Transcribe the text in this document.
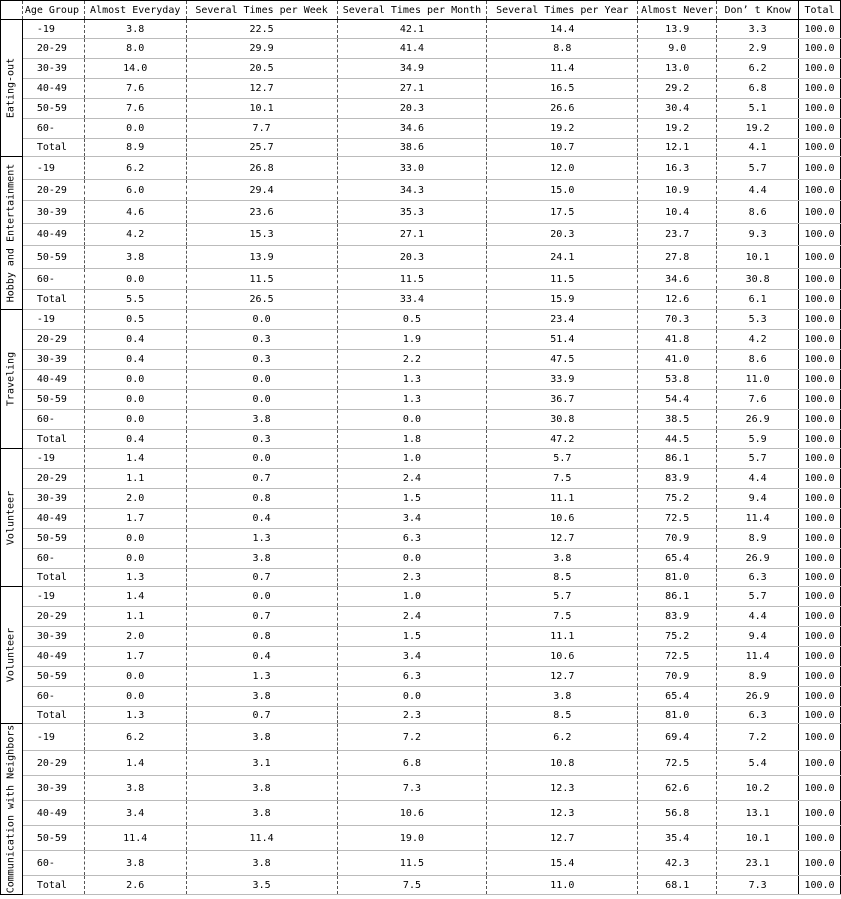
	Age Group	Almost Everyday	Several Times per Week	Several Times per Month	Several Times per Year	Almost Never	Don’ t Know	Total

Eating-out	-19	3.8	22.5	42.1	14.4	13.9	3.3	100.0
	20-29	8.0	29.9	41.4	8.8	9.0	2.9	100.0
	30-39	14.0	20.5	34.9	11.4	13.0	6.2	100.0
	40-49	7.6	12.7	27.1	16.5	29.2	6.8	100.0
	50-59	7.6	10.1	20.3	26.6	30.4	5.1	100.0
	60-	0.0	7.7	34.6	19.2	19.2	19.2	100.0
	Total	8.9	25.7	38.6	10.7	12.1	4.1	100.0

Hobby and Entertainment	-19	6.2	26.8	33.0	12.0	16.3	5.7	100.0
	20-29	6.0	29.4	34.3	15.0	10.9	4.4	100.0
	30-39	4.6	23.6	35.3	17.5	10.4	8.6	100.0
	40-49	4.2	15.3	27.1	20.3	23.7	9.3	100.0
	50-59	3.8	13.9	20.3	24.1	27.8	10.1	100.0
	60-	0.0	11.5	11.5	11.5	34.6	30.8	100.0
	Total	5.5	26.5	33.4	15.9	12.6	6.1	100.0

Traveling	-19	0.5	0.0	0.5	23.4	70.3	5.3	100.0
	20-29	0.4	0.3	1.9	51.4	41.8	4.2	100.0
	30-39	0.4	0.3	2.2	47.5	41.0	8.6	100.0
	40-49	0.0	0.0	1.3	33.9	53.8	11.0	100.0
	50-59	0.0	0.0	1.3	36.7	54.4	7.6	100.0
	60-	0.0	3.8	0.0	30.8	38.5	26.9	100.0
	Total	0.4	0.3	1.8	47.2	44.5	5.9	100.0

Volunteer	-19	1.4	0.0	1.0	5.7	86.1	5.7	100.0
	20-29	1.1	0.7	2.4	7.5	83.9	4.4	100.0
	30-39	2.0	0.8	1.5	11.1	75.2	9.4	100.0
	40-49	1.7	0.4	3.4	10.6	72.5	11.4	100.0
	50-59	0.0	1.3	6.3	12.7	70.9	8.9	100.0
	60-	0.0	3.8	0.0	3.8	65.4	26.9	100.0
	Total	1.3	0.7	2.3	8.5	81.0	6.3	100.0

Volunteer	-19	1.4	0.0	1.0	5.7	86.1	5.7	100.0
	20-29	1.1	0.7	2.4	7.5	83.9	4.4	100.0
	30-39	2.0	0.8	1.5	11.1	75.2	9.4	100.0
	40-49	1.7	0.4	3.4	10.6	72.5	11.4	100.0
	50-59	0.0	1.3	6.3	12.7	70.9	8.9	100.0
	60-	0.0	3.8	0.0	3.8	65.4	26.9	100.0
	Total	1.3	0.7	2.3	8.5	81.0	6.3	100.0

Communication with Neighbors	-19	6.2	3.8	7.2	6.2	69.4	7.2	100.0
	20-29	1.4	3.1	6.8	10.8	72.5	5.4	100.0
	30-39	3.8	3.8	7.3	12.3	62.6	10.2	100.0
	40-49	3.4	3.8	10.6	12.3	56.8	13.1	100.0
	50-59	11.4	11.4	19.0	12.7	35.4	10.1	100.0
	60-	3.8	3.8	11.5	15.4	42.3	23.1	100.0
	Total	2.6	3.5	7.5	11.0	68.1	7.3	100.0
